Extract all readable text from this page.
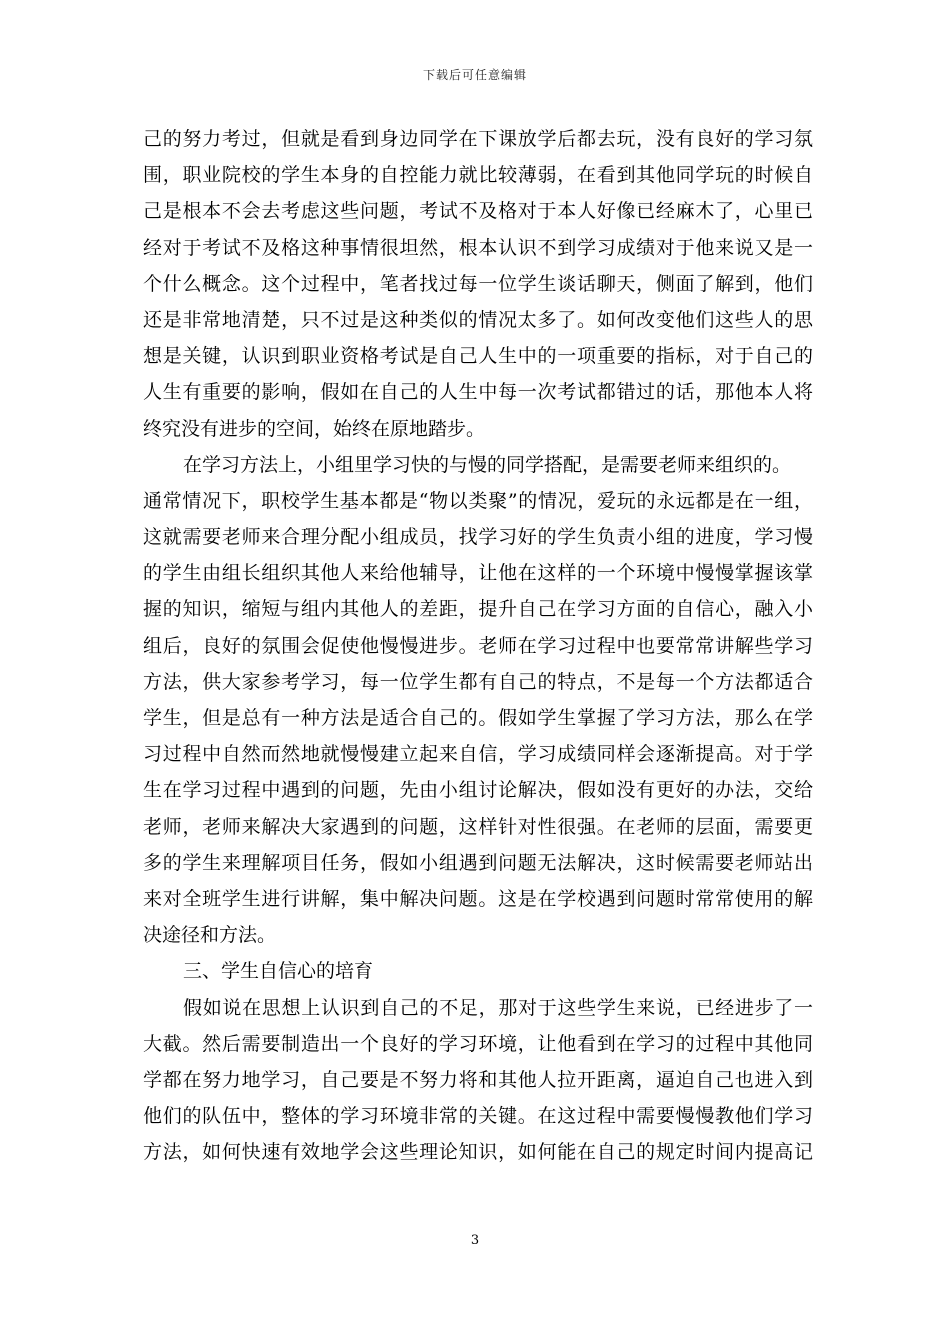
下载后可任意编辑
己的努力考过，但就是看到身边同学在下课放学后都去玩，没有良好的学习氛
围，职业院校的学生本身的自控能力就比较薄弱，在看到其他同学玩的时候自
己是根本不会去考虑这些问题，考试不及格对于本人好像已经麻木了，心里已
经对于考试不及格这种事情很坦然，根本认识不到学习成绩对于他来说又是一
个什么概念。这个过程中，笔者找过每一位学生谈话聊天，侧面了解到，他们
还是非常地清楚，只不过是这种类似的情况太多了。如何改变他们这些人的思
想是关键，认识到职业资格考试是自己人生中的一项重要的指标，对于自己的
人生有重要的影响，假如在自己的人生中每一次考试都错过的话，那他本人将
终究没有进步的空间，始终在原地踏步。
在学习方法上，小组里学习快的与慢的同学搭配，是需要老师来组织的。
通常情况下，职校学生基本都是“物以类聚”的情况，爱玩的永远都是在一组，
这就需要老师来合理分配小组成员，找学习好的学生负责小组的进度，学习慢
的学生由组长组织其他人来给他辅导，让他在这样的一个环境中慢慢掌握该掌
握的知识，缩短与组内其他人的差距，提升自己在学习方面的自信心，融入小
组后，良好的氛围会促使他慢慢进步。老师在学习过程中也要常常讲解些学习
方法，供大家参考学习，每一位学生都有自己的特点，不是每一个方法都适合
学生，但是总有一种方法是适合自己的。假如学生掌握了学习方法，那么在学
习过程中自然而然地就慢慢建立起来自信，学习成绩同样会逐渐提高。对于学
生在学习过程中遇到的问题，先由小组讨论解决，假如没有更好的办法，交给
老师，老师来解决大家遇到的问题，这样针对性很强。在老师的层面，需要更
多的学生来理解项目任务，假如小组遇到问题无法解决，这时候需要老师站出
来对全班学生进行讲解，集中解决问题。这是在学校遇到问题时常常使用的解
决途径和方法。
三、学生自信心的培育
假如说在思想上认识到自己的不足，那对于这些学生来说，已经进步了一
大截。然后需要制造出一个良好的学习环境，让他看到在学习的过程中其他同
学都在努力地学习，自己要是不努力将和其他人拉开距离，逼迫自己也进入到
他们的队伍中，整体的学习环境非常的关键。在这过程中需要慢慢教他们学习
方法，如何快速有效地学会这些理论知识，如何能在自己的规定时间内提高记
3
